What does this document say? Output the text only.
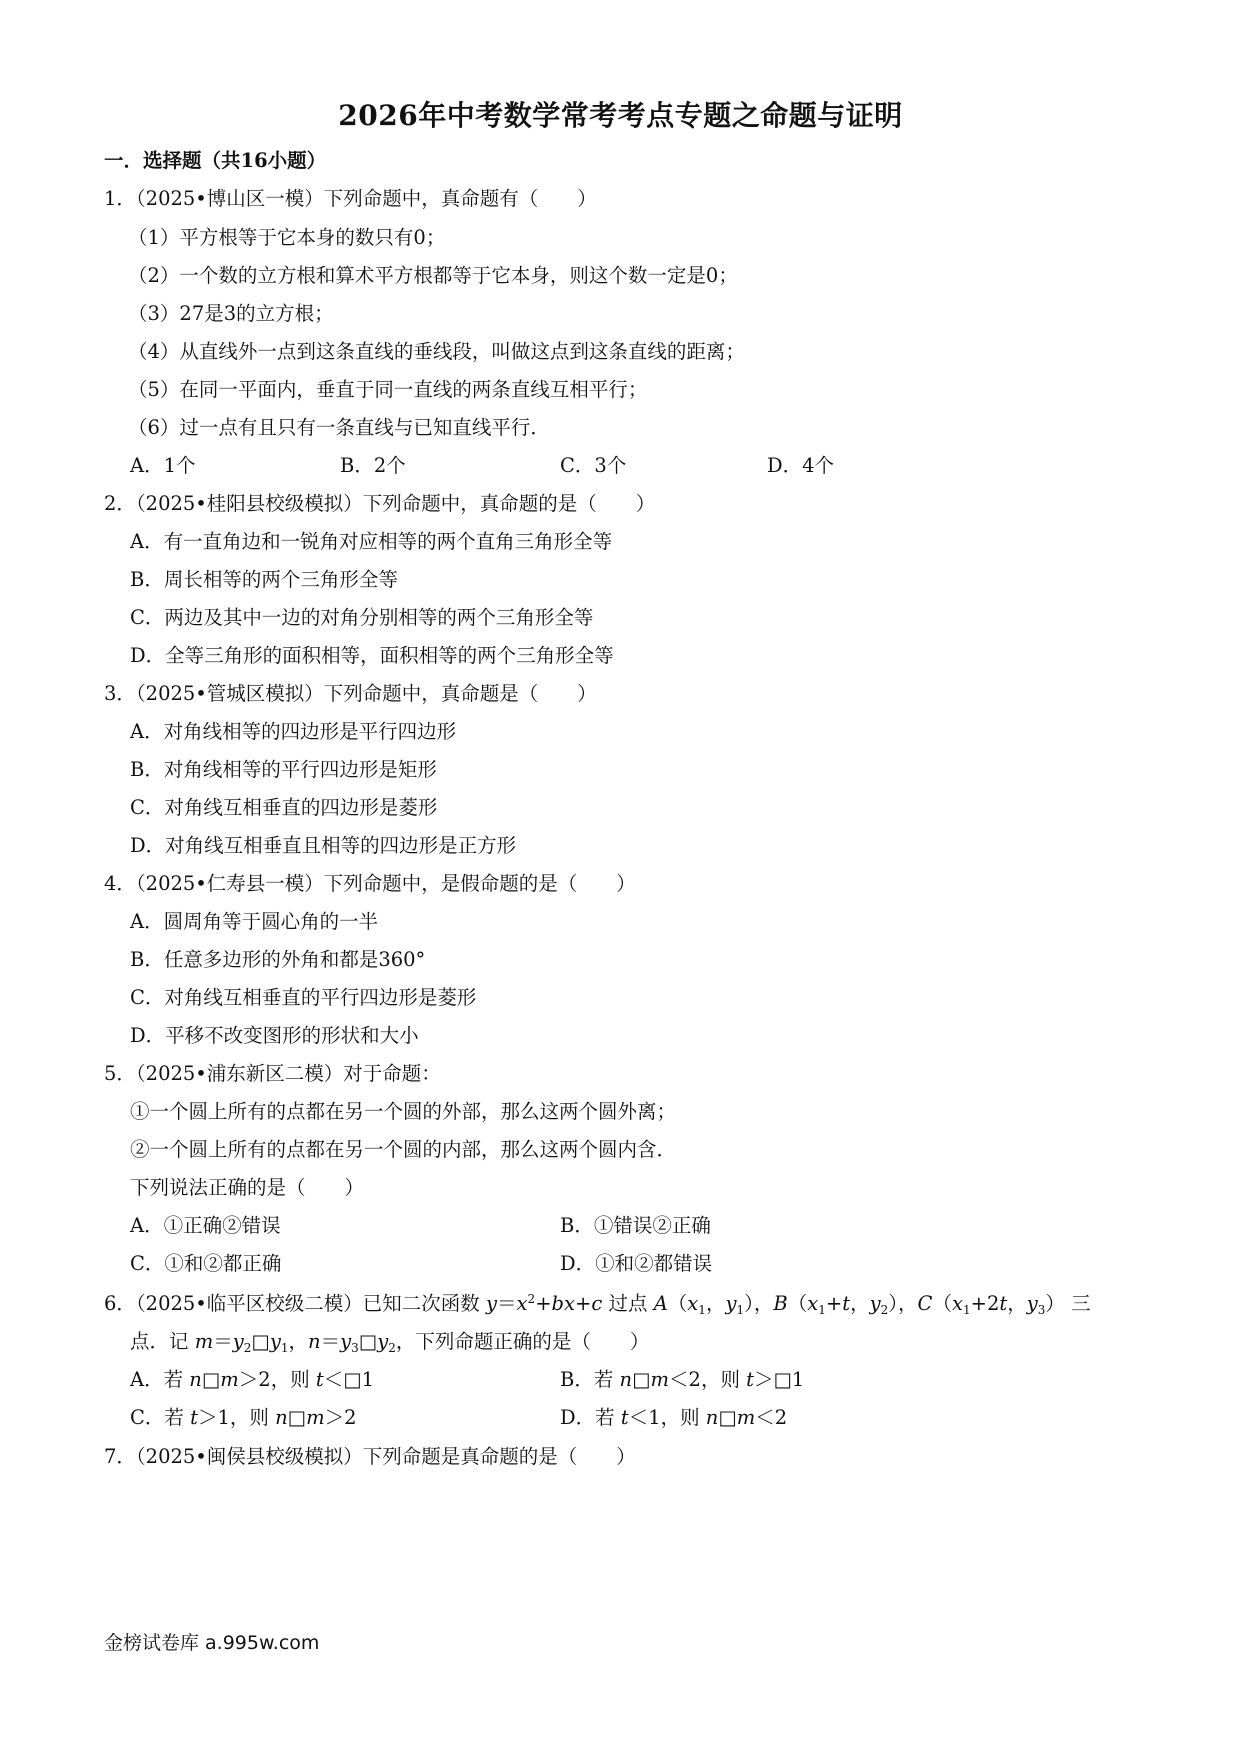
2026年中考数学常考考点专题之命题与证明
一．选择题（共16小题）
1．（2025•博山区一模）下列命题中，真命题有（　　）
（1）平方根等于它本身的数只有0；
（2）一个数的立方根和算术平方根都等于它本身，则这个数一定是0；
（3）27是3的立方根；
（4）从直线外一点到这条直线的垂线段，叫做这点到这条直线的距离；
（5）在同一平面内，垂直于同一直线的两条直线互相平行；
（6）过一点有且只有一条直线与已知直线平行．
A．1个	B．2个	C．3个	D．4个
2．（2025•桂阳县校级模拟）下列命题中，真命题的是（　　）
A．有一直角边和一锐角对应相等的两个直角三角形全等
B．周长相等的两个三角形全等
C．两边及其中一边的对角分别相等的两个三角形全等
D．全等三角形的面积相等，面积相等的两个三角形全等
3．（2025•管城区模拟）下列命题中，真命题是（　　）
A．对角线相等的四边形是平行四边形
B．对角线相等的平行四边形是矩形
C．对角线互相垂直的四边形是菱形
D．对角线互相垂直且相等的四边形是正方形
4．（2025•仁寿县一模）下列命题中，是假命题的是（　　）
A．圆周角等于圆心角的一半
B．任意多边形的外角和都是360°
C．对角线互相垂直的平行四边形是菱形
D．平移不改变图形的形状和大小
5．（2025•浦东新区二模）对于命题：
①一个圆上所有的点都在另一个圆的外部，那么这两个圆外离；
②一个圆上所有的点都在另一个圆的内部，那么这两个圆内含．
下列说法正确的是（　　）
A．①正确②错误	B．①错误②正确
C．①和②都正确	D．①和②都错误
6．（2025•临平区校级二模）已知二次函数 $y=x^2+bx+c$ 过点 $A(x_1$，$y_1$），$B(x_1+t$，$y_2$），$C(x_1+2t$，$y_3$） 三
点．记 $m=y_2□y_1$，$n=y_3□y_2$，下列命题正确的是（　　）
A．若 n□m＞2，则 t＜□1	B．若 n□m＜2，则 t＞□1
C．若 t＞1，则 n□m＞2	D．若 t＜1，则 n□m＜2
7．（2025•闽侯县校级模拟）下列命题是真命题的是（　　）
金榜试卷库 a.995w.com
